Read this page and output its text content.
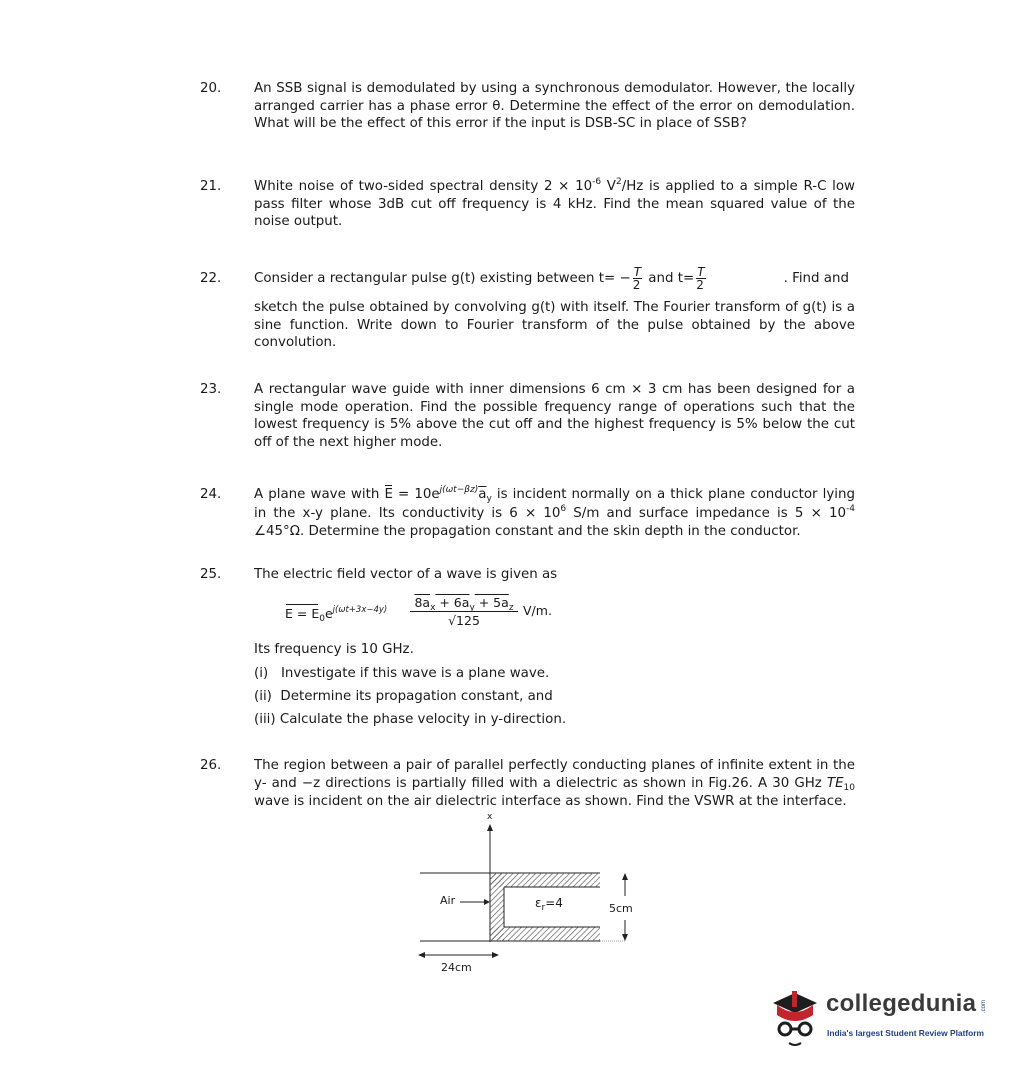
20.	An SSB signal is demodulated by using a synchronous demodulator. However, the locally arranged carrier has a phase error θ. Determine the effect of the error on demodulation. What will be the effect of this error if the input is DSB-SC in place of SSB?
21.	White noise of two-sided spectral density $2 \times 10^{-6}$ $V^2/Hz$ is applied to a simple R-C low pass filter whose 3dB cut off frequency is 4 kHz. Find the mean squared value of the noise output.
22.	Consider a rectangular pulse g(t) existing between $t= - \frac{T}{2}$ and $t= \frac{T}{2}$	. Find and
sketch the pulse obtained by convolving g(t) with itself. The Fourier transform of g(t) is a sine function. Write down to Fourier transform of the pulse obtained by the above convolution.
23.	A rectangular wave guide with inner dimensions 6 cm × 3 cm has been designed for a single mode operation. Find the possible frequency range of operations such that the lowest frequency is 5% above the cut off and the highest frequency is 5% below the cut off of the next higher mode.
24.	A plane wave with $E = 10e^{j(\omega t-\beta z)}\overline{a}_y$ is incident normally on a thick plane conductor lying in the x-y plane. Its conductivity is $6 \times 10^6$ S/m and surface impedance is $5 \times 10^{-4}$ ∠45°Ω. Determine the propagation constant and the skin depth in the conductor.
25.	The electric field vector of a wave is given as
$E = E_0e^{j(\omega t+3x-4y)}$	$8a_x + 6a_y + 5a_z$
√125
V/m.
Its frequency is 10 GHz.
(i)   Investigate if this wave is a plane wave.
(ii)  Determine its propagation constant, and
(iii) Calculate the phase velocity in y-direction.
26.	The region between a pair of parallel perfectly conducting planes of infinite extent in the y- and −z directions is partially filled with a dielectric as shown in Fig.26. A 30 GHz $TE_{10}$ wave is incident on the air dielectric interface as shown. Find the VSWR at the interface.
x
Air	$\varepsilon_r=4$	5cm
24cm
collegedunia .com
India's largest Student Review Platform
